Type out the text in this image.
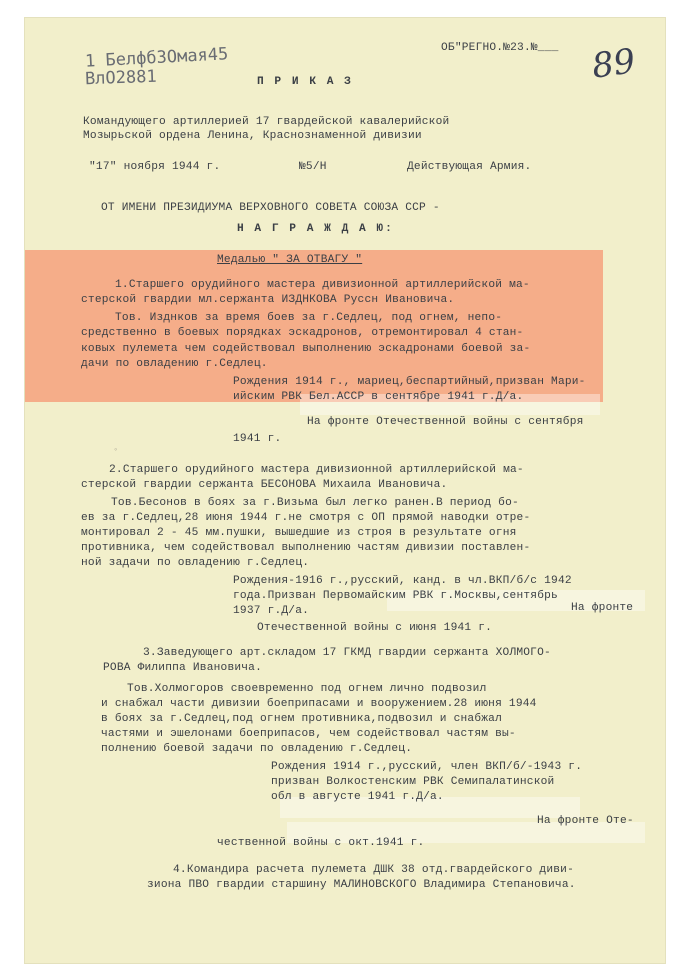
1 БелфбЗОмая45
ВлО2881	89
ОБ"РЕГНО.№23.№___
П Р И К А З
Командующего артиллерией 17 гвардейской кавалерийской
Мозырьской ордена Ленина, Краснознаменной дивизии
"17" ноября 1944 г.	№5/Н	Действующая Армия.
ОТ ИМЕНИ ПРЕЗИДИУМА ВЕРХОВНОГО СОВЕТА СОЮЗА ССР -
Н А Г Р А Ж Д А Ю:
Медалью " ЗА ОТВАГУ "
1.Старшего орудийного мастера дивизионной артиллерийской ма-
стерской гвардии мл.сержанта ИЗДНКОВА Руссн Ивановича.
Тов. Изднков за время боев за г.Седлец, под огнем, непо-
средственно в боевых порядках эскадронов, отремонтировал 4 стан-
ковых пулемета чем содействовал выполнению эскадронами боевой за-
дачи по овладению г.Седлец.
Рождения 1914 г., мариец,беспартийный,призван Мари-
ийским РВК Бел.АССР в сентябре 1941 г.Д/а.
На фронте Отечественной войны с сентября
1941 г.
◦
2.Старшего орудийного мастера дивизионной артиллерийской ма-
стерской гвардии сержанта БЕСОНОВА Михаила Ивановича.
Тов.Бесонов в боях за г.Визьма был легко ранен.В период бо-
ев за г.Седлец,28 июня 1944 г.не смотря с ОП прямой наводки отре-
монтировал 2 - 45 мм.пушки, вышедшие из строя в результате огня
противника, чем содействовал выполнению частям дивизии поставлен-
ной задачи по овладению г.Седлец.
Рождения-1916 г.,русский, канд. в чл.ВКП/б/с 1942
года.Призван Первомайским РВК г.Москвы,сентябрь
1937 г.Д/а.	На фронте
Отечественной войны с июня 1941 г.
3.Заведующего арт.складом 17 ГКМД гвардии сержанта ХОЛМОГО-
РОВА Филиппа Ивановича.
Тов.Холмогоров своевременно под огнем лично подвозил
и снабжал части дивизии боеприпасами и вооружением.28 июня 1944
в боях за г.Седлец,под огнем противника,подвозил и снабжал
частями и эшелонами боеприпасов, чем содействовал частям вы-
полнению боевой задачи по овладению г.Седлец.
Рождения 1914 г.,русский, член ВКП/б/-1943 г.
призван Волкостенским РВК Семипалатинской
обл в августе 1941 г.Д/а.
На фронте Оте-
чественной войны с окт.1941 г.
4.Командира расчета пулемета ДШК 38 отд.гвардейского диви-
зиона ПВО гвардии старшину МАЛИНОВСКОГО Владимира Степановича.
